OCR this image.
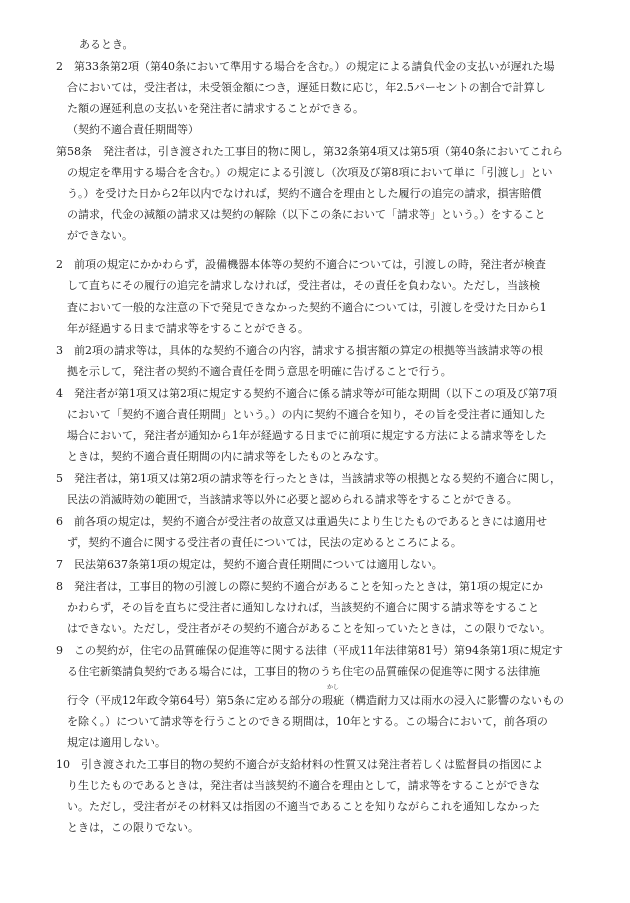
あるとき。
2　第33条第2項（第40条において準用する場合を含む。）の規定による請負代金の支払いが遅れた場
合においては，受注者は，未受領金額につき，遅延日数に応じ，年2.5パーセントの割合で計算し
た額の遅延利息の支払いを発注者に請求することができる。
（契約不適合責任期間等）
第58条　発注者は，引き渡された工事目的物に関し，第32条第4項又は第5項（第40条においてこれら
の規定を準用する場合を含む。）の規定による引渡し（次項及び第8項において単に「引渡し」とい
う。）を受けた日から2年以内でなければ，契約不適合を理由とした履行の追完の請求，損害賠償
の請求，代金の減額の請求又は契約の解除（以下この条において「請求等」という。）をすること
ができない。
2　前項の規定にかかわらず，設備機器本体等の契約不適合については，引渡しの時，発注者が検査
して直ちにその履行の追完を請求しなければ，受注者は，その責任を負わない。ただし，当該検
査において一般的な注意の下で発見できなかった契約不適合については，引渡しを受けた日から1
年が経過する日まで請求等をすることができる。
3　前2項の請求等は，具体的な契約不適合の内容，請求する損害額の算定の根拠等当該請求等の根
拠を示して，発注者の契約不適合責任を問う意思を明確に告げることで行う。
4　発注者が第1項又は第2項に規定する契約不適合に係る請求等が可能な期間（以下この項及び第7項
において「契約不適合責任期間」という。）の内に契約不適合を知り，その旨を受注者に通知した
場合において，発注者が通知から1年が経過する日までに前項に規定する方法による請求等をした
ときは，契約不適合責任期間の内に請求等をしたものとみなす。
5　発注者は，第1項又は第2項の請求等を行ったときは，当該請求等の根拠となる契約不適合に関し，
民法の消滅時効の範囲で，当該請求等以外に必要と認められる請求等をすることができる。
6　前各項の規定は，契約不適合が受注者の故意又は重過失により生じたものであるときには適用せ
ず，契約不適合に関する受注者の責任については，民法の定めるところによる。
7　民法第637条第1項の規定は，契約不適合責任期間については適用しない。
8　発注者は，工事目的物の引渡しの際に契約不適合があることを知ったときは，第1項の規定にか
かわらず，その旨を直ちに受注者に通知しなければ，当該契約不適合に関する請求等をすること
はできない。ただし，受注者がその契約不適合があることを知っていたときは，この限りでない。
9　この契約が，住宅の品質確保の促進等に関する法律（平成11年法律第81号）第94条第1項に規定す
る住宅新築請負契約である場合には，工事目的物のうち住宅の品質確保の促進等に関する法律施
かし
行令（平成12年政令第64号）第5条に定める部分の瑕疵（構造耐力又は雨水の浸入に影響のないもの
を除く。）について請求等を行うことのできる期間は，10年とする。この場合において，前各項の
規定は適用しない。
10　引き渡された工事目的物の契約不適合が支給材料の性質又は発注者若しくは監督員の指図によ
り生じたものであるときは，発注者は当該契約不適合を理由として，請求等をすることができな
い。ただし，受注者がその材料又は指図の不適当であることを知りながらこれを通知しなかった
ときは，この限りでない。
